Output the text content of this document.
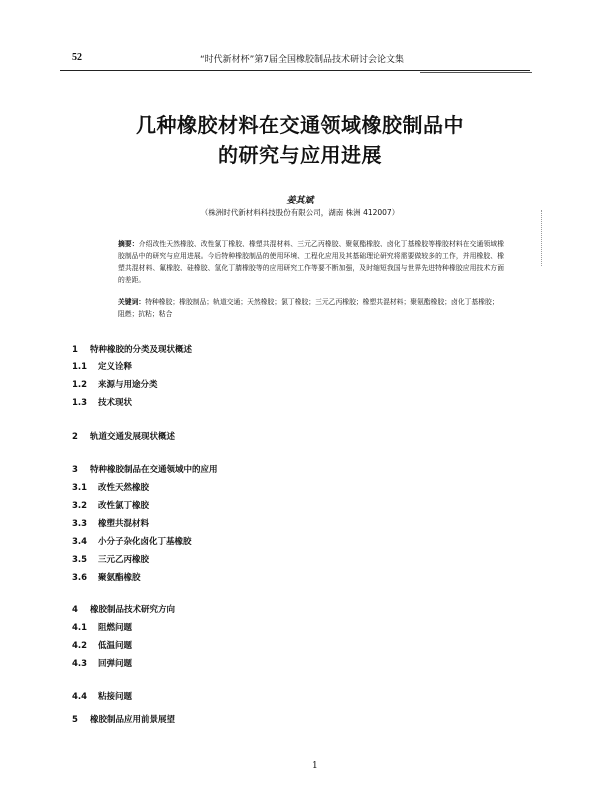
52	“时代新材杯”第7届全国橡胶制品技术研讨会论文集
几种橡胶材料在交通领域橡胶制品中
的研究与应用进展
姜其斌
（株洲时代新材料科技股份有限公司，湖南 株洲 412007）
摘要：介绍改性天然橡胶、改性氯丁橡胶、橡塑共混材料、三元乙丙橡胶、聚氨酯橡胶、卤化丁基橡胶等橡胶材料在交通领域橡胶制品中的研究与应用进展。今后特种橡胶制品的使用环境、工程化应用及其基础理论研究将需要做较多的工作，并用橡胶、橡塑共混材料、氟橡胶、硅橡胶、氢化丁腈橡胶等的应用研究工作等要不断加强，及时缩短我国与世界先进特种橡胶应用技术方面的差距。
关键词：特种橡胶；橡胶制品；轨道交通；天然橡胶；氯丁橡胶；三元乙丙橡胶；橡塑共混材料；聚氨酯橡胶；卤化丁基橡胶；阻燃；抗粘；粘合
1 特种橡胶的分类及现状概述
1.1 定义诠释
1.2 来源与用途分类
1.3 技术现状
2 轨道交通发展现状概述
3 特种橡胶制品在交通领域中的应用
3.1 改性天然橡胶
3.2 改性氯丁橡胶
3.3 橡塑共混材料
3.4 小分子杂化卤化丁基橡胶
3.5 三元乙丙橡胶
3.6 聚氨酯橡胶
4 橡胶制品技术研究方向
4.1 阻燃问题
4.2 低温问题
4.3 回弹问题
4.4 粘接问题
5 橡胶制品应用前景展望
1
